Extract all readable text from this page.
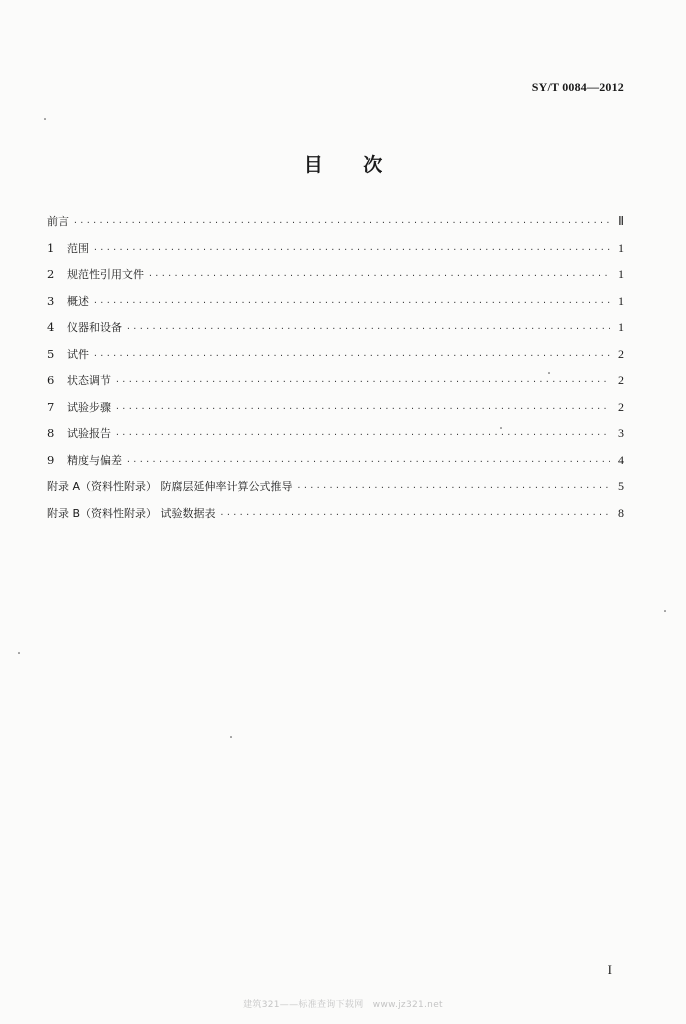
SY/T 0084—2012
目 次
前言 ·····	Ⅱ
1	范围 ·····	1
2	规范性引用文件 ·····	1
3	概述 ·····	1
4	仪器和设备 ·····	1
5	试件 ·····	2
6	状态调节 ·····	2
7	试验步骤 ·····	2
8	试验报告 ·····	3
9	精度与偏差 ·····	4
附录 A（资料性附录） 防腐层延伸率计算公式推导 ·····	5
附录 B（资料性附录） 试验数据表 ·····	8
I
建筑321——标准查询下载网　www.jz321.net
